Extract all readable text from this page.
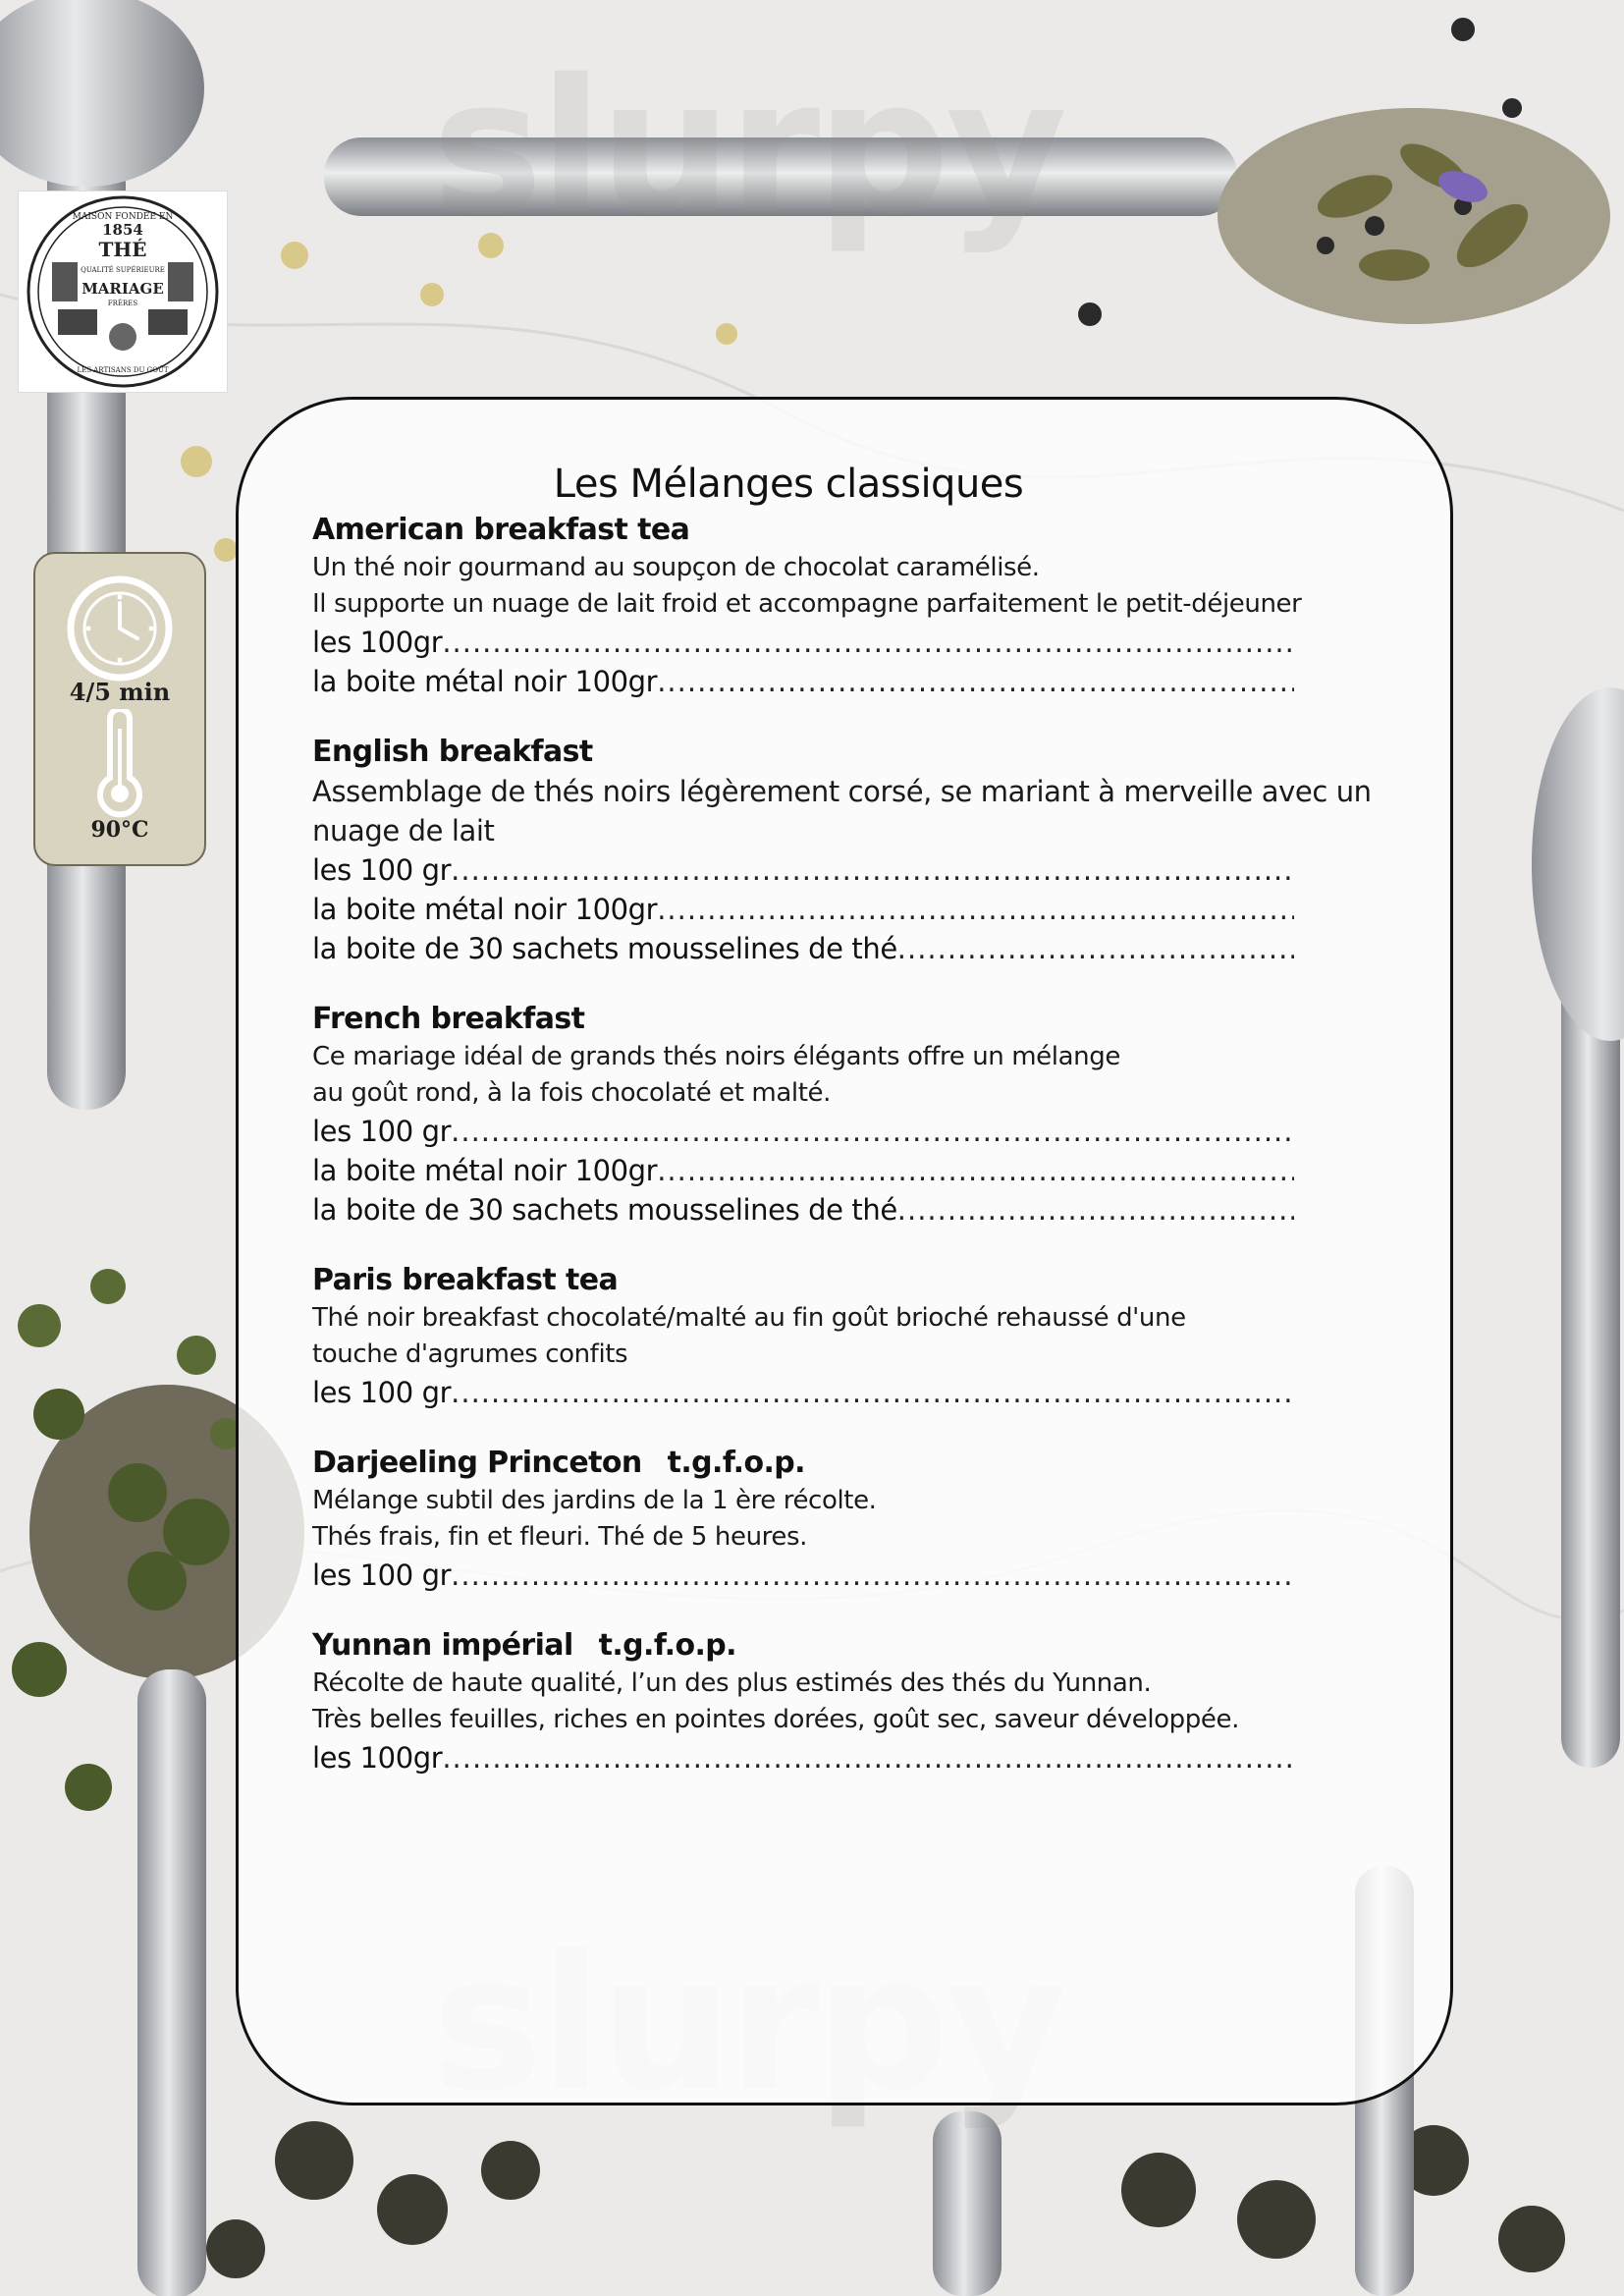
slurpy
MAISON FONDÉE EN
1854
THÉ
QUALITÉ SUPÉRIEURE
MARIAGE
FRÈRES
LES ARTISANS DU GOÛT
4/5 min
90°C
Les Mélanges classiques
American breakfast tea
Un thé noir gourmand au soupçon de chocolat caramélisé.
Il supporte un nuage de lait froid et accompagne parfaitement le petit-déjeuner
les 100gr
.....
la boite métal noir 100gr
.....
English breakfast
Assemblage de thés noirs légèrement corsé, se mariant à merveille avec un
nuage de lait
les 100 gr
.....
la boite métal noir 100gr
.....
la boite de 30 sachets mousselines de thé
.....
French breakfast
Ce mariage idéal de grands thés noirs élégants offre un mélange
au goût rond, à la fois chocolaté et malté.
les 100 gr
.....
la boite métal noir 100gr
.....
la boite de 30 sachets mousselines de thé
.....
Paris breakfast tea
Thé noir breakfast chocolaté/malté au fin goût brioché rehaussé d'une
touche d'agrumes confits
les 100 gr
.....
Darjeeling Princeton t.g.f.o.p.
Mélange subtil des jardins de la 1 ère récolte.
Thés frais, fin et fleuri. Thé de 5 heures.
les 100 gr
.....
Yunnan impérial t.g.f.o.p.
Récolte de haute qualité, l’un des plus estimés des thés du Yunnan.
Très belles feuilles, riches en pointes dorées, goût sec, saveur développée.
les 100gr
.....
